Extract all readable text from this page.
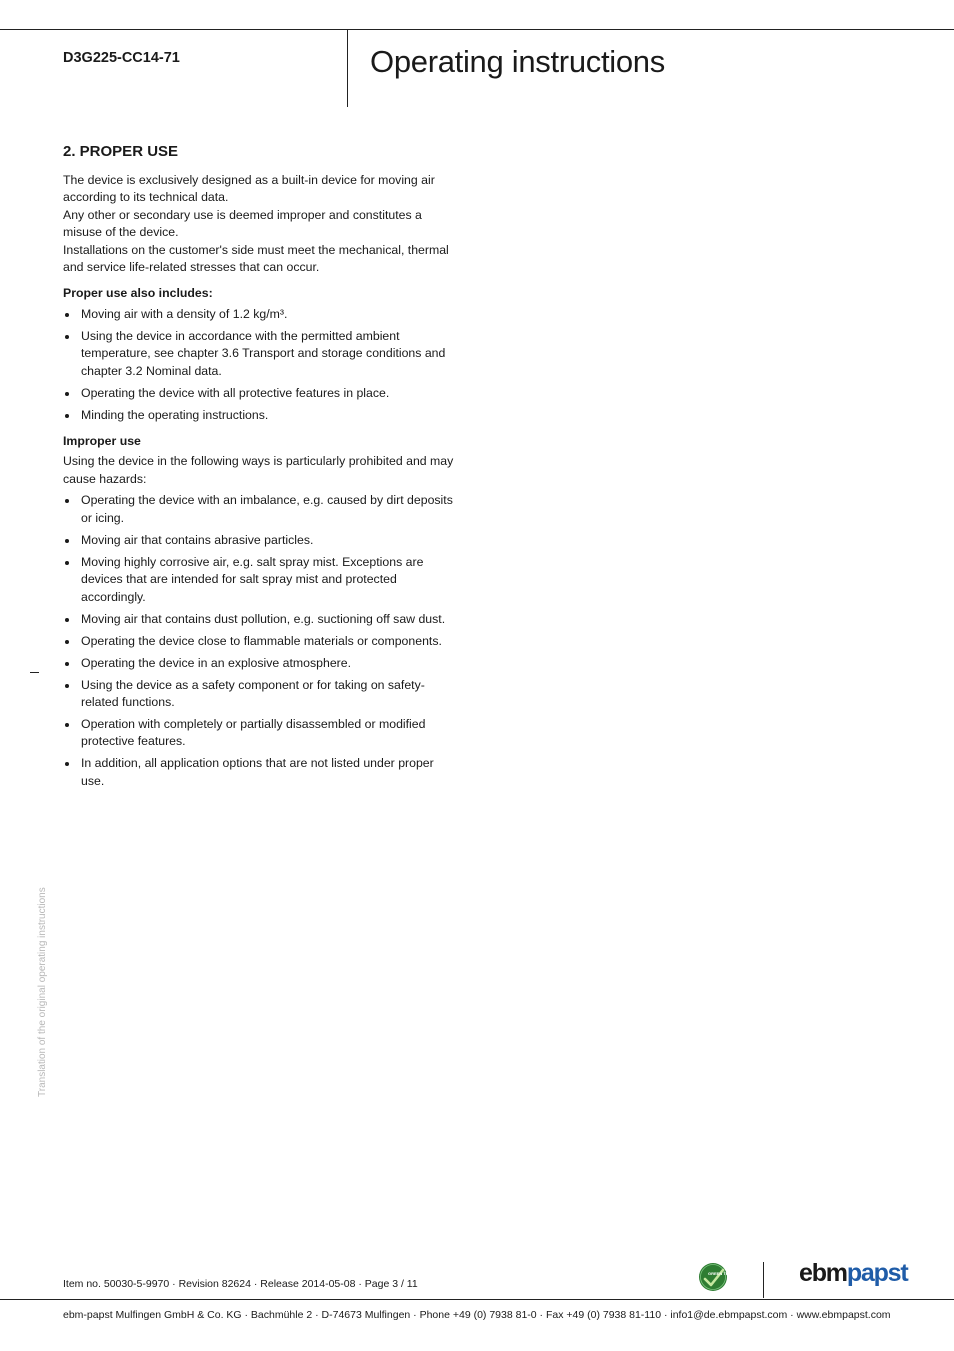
D3G225-CC14-71	Operating instructions
2. PROPER USE

The device is exclusively designed as a built-in device for moving air according to its technical data.

Any other or secondary use is deemed improper and constitutes a misuse of the device.

Installations on the customer's side must meet the mechanical, thermal and service life-related stresses that can occur.

Proper use also includes:

Moving air with a density of 1.2 kg/m³.
Using the device in accordance with the permitted ambient temperature, see chapter 3.6 Transport and storage conditions and chapter 3.2 Nominal data.
Operating the device with all protective features in place.
Minding the operating instructions.

Improper use

Using the device in the following ways is particularly prohibited and may cause hazards:

Operating the device with an imbalance, e.g. caused by dirt deposits or icing.
Moving air that contains abrasive particles.
Moving highly corrosive air, e.g. salt spray mist. Exceptions are devices that are intended for salt spray mist and protected accordingly.
Moving air that contains dust pollution, e.g. suctioning off saw dust.
Operating the device close to flammable materials or components.
Operating the device in an explosive atmosphere.
Using the device as a safety component or for taking on safety-related functions.
Operation with completely or partially disassembled or modified protective features.
In addition, all application options that are not listed under proper use.
Translation of the original operating instructions
Item no. 50030-5-9970 · Revision 82624 · Release 2014-05-08 · Page 3 / 11
GREEN TECH	ebmpapst
ebm-papst Mulfingen GmbH & Co. KG · Bachmühle 2 · D-74673 Mulfingen · Phone +49 (0) 7938 81-0 · Fax +49 (0) 7938 81-110 · info1@de.ebmpapst.com · www.ebmpapst.com
